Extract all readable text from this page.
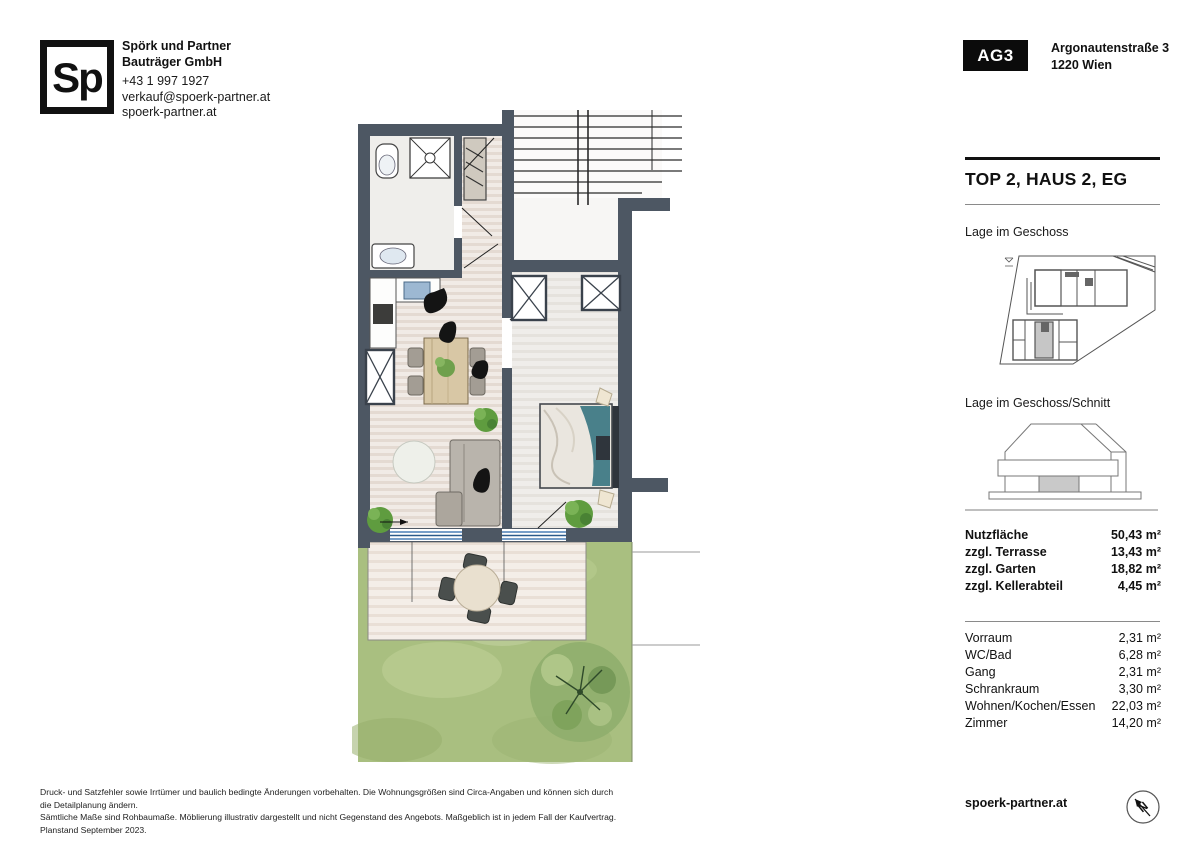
Sp
Spörk und Partner
Bauträger GmbH
+43 1 997 1927
verkauf@spoerk-partner.at
spoerk-partner.at
AG3	Argonautenstraße 3
1220 Wien
TOP 2, HAUS 2, EG
Lage im Geschoss
Lage im Geschoss/Schnitt
Nutzfläche	50,43 m²
zzgl. Terrasse	13,43 m²
zzgl. Garten	18,82 m²
zzgl. Kellerabteil	4,45 m²
Vorraum	2,31 m²
WC/Bad	6,28 m²
Gang	2,31 m²
Schrankraum	3,30 m²
Wohnen/Kochen/Essen 22,03 m²
Zimmer	14,20 m²
Druck- und Satzfehler sowie Irrtümer und baulich bedingte Änderungen vorbehalten. Die Wohnungsgrößen sind Circa-Angaben und können sich durch die Detailplanung ändern.
Sämtliche Maße sind Rohbaumaße. Möblierung illustrativ dargestellt und nicht Gegenstand des Angebots. Maßgeblich ist in jedem Fall der Kaufvertrag. Planstand September 2023.
spoerk-partner.at	N
